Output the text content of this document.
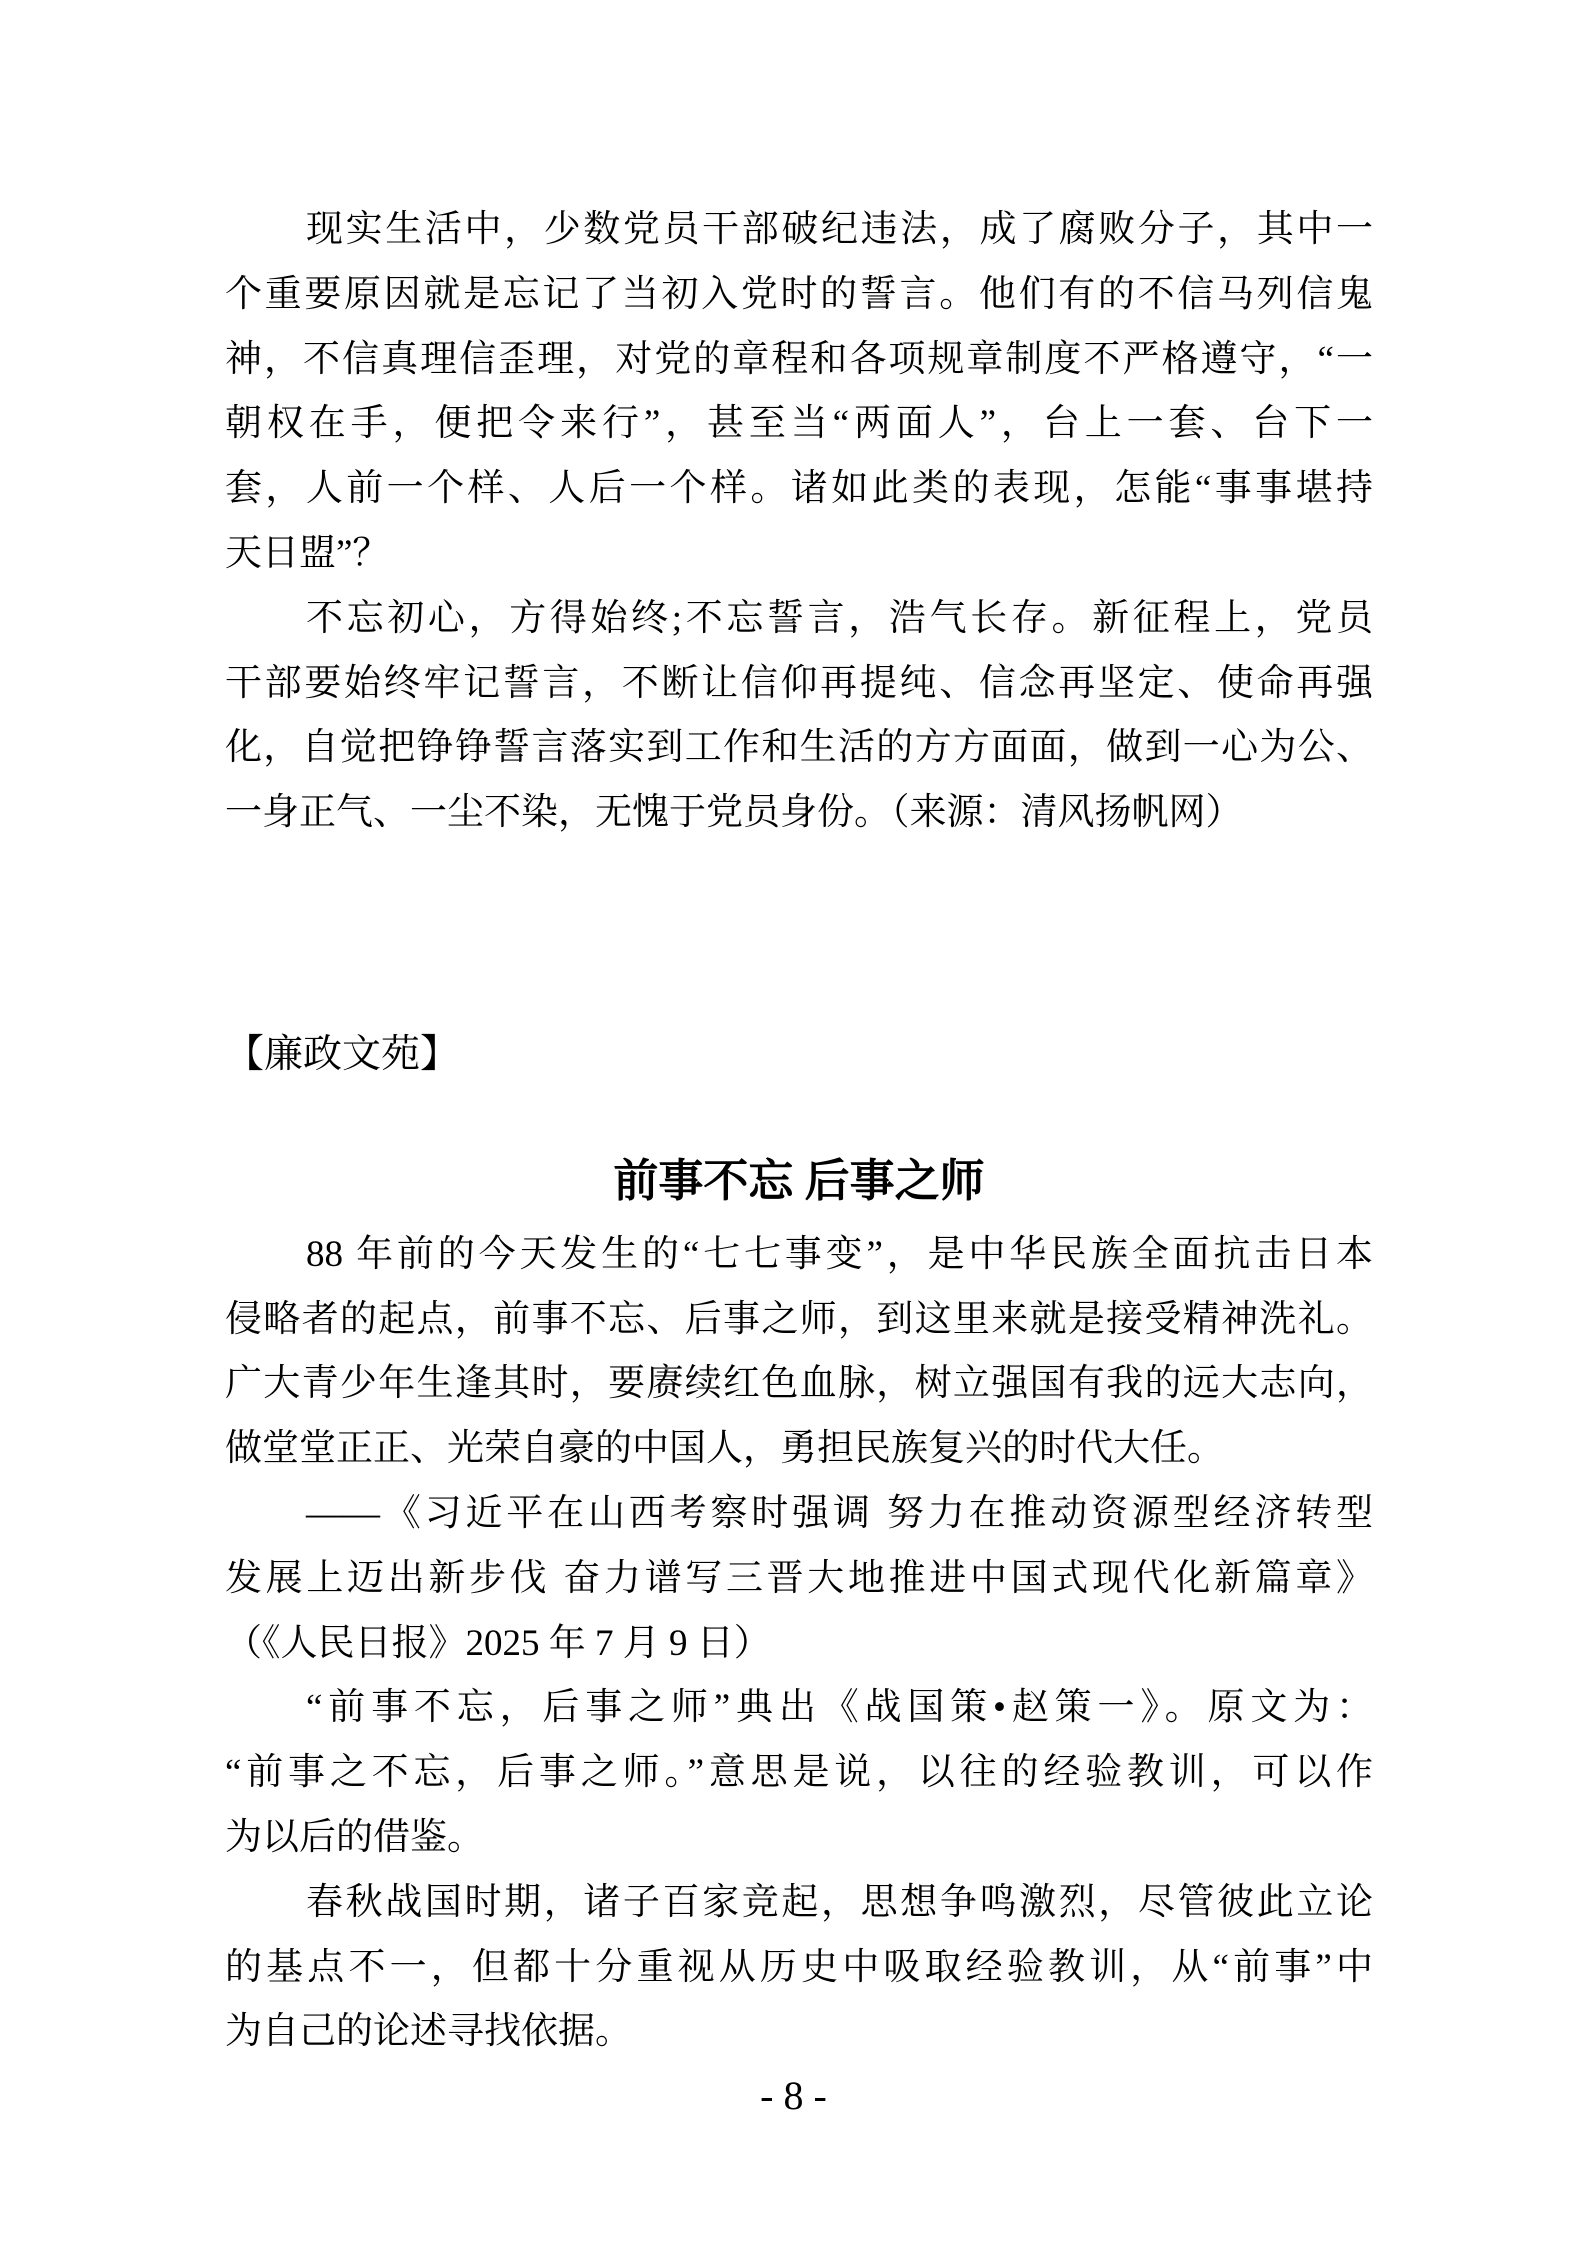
现实生活中，少数党员干部破纪违法，成了腐败分子，其中一
个重要原因就是忘记了当初入党时的誓言。他们有的不信马列信鬼
神，不信真理信歪理，对党的章程和各项规章制度不严格遵守，“一
朝权在手，便把令来行”，甚至当“两面人”，台上一套、台下一
套，人前一个样、人后一个样。诸如此类的表现，怎能“事事堪持
天日盟”？
不忘初心，方得始终;不忘誓言，浩气长存。新征程上，党员
干部要始终牢记誓言，不断让信仰再提纯、信念再坚定、使命再强
化，自觉把铮铮誓言落实到工作和生活的方方面面，做到一心为公、
一身正气、一尘不染，无愧于党员身份。（来源：清风扬帆网）
【廉政文苑】
前事不忘 后事之师
88 年前的今天发生的“七七事变”，是中华民族全面抗击日本
侵略者的起点，前事不忘、后事之师，到这里来就是接受精神洗礼。
广大青少年生逢其时，要赓续红色血脉，树立强国有我的远大志向，
做堂堂正正、光荣自豪的中国人，勇担民族复兴的时代大任。
——《习近平在山西考察时强调 努力在推动资源型经济转型
发展上迈出新步伐 奋力谱写三晋大地推进中国式现代化新篇章》
（《人民日报》2025 年 7 月 9 日）
“前事不忘，后事之师”典出《战国策•赵策一》。原文为：
“前事之不忘，后事之师。”意思是说，以往的经验教训，可以作
为以后的借鉴。
春秋战国时期，诸子百家竞起，思想争鸣激烈，尽管彼此立论
的基点不一，但都十分重视从历史中吸取经验教训，从“前事”中
为自己的论述寻找依据。
- 8 -
